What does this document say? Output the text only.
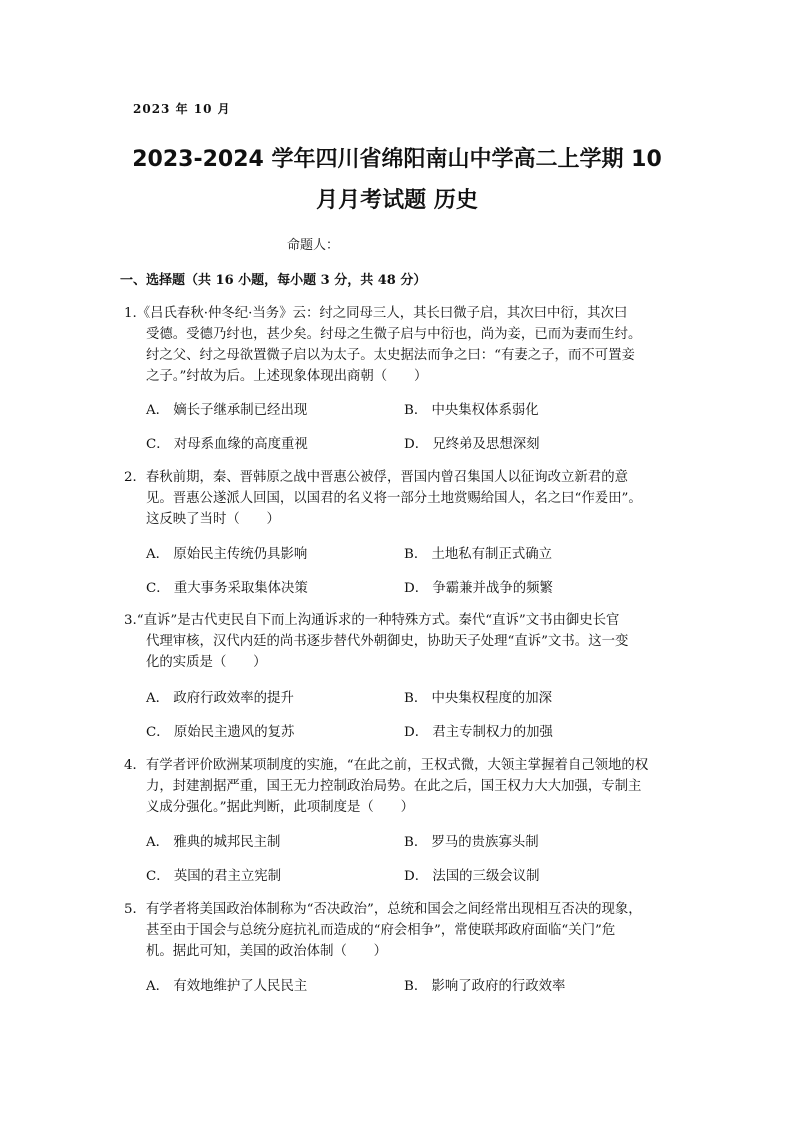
2023 年 10 月
2023-2024 学年四川省绵阳南山中学高二上学期 10
月月考试题 历史
命题人：
一、选择题（共 16 小题，每小题 3 分，共 48 分）
1.《吕氏春秋·仲冬纪·当务》云：纣之同母三人，其长曰微子启，其次曰中衍，其次曰
受德。受德乃纣也，甚少矣。纣母之生微子启与中衍也，尚为妾，已而为妻而生纣。
纣之父、纣之母欲置微子启以为太子。太史据法而争之曰：“有妻之子，而不可置妾
之子。”纣故为后。上述现象体现出商朝（　　）
A． 嫡长子继承制已经出现	B． 中央集权体系弱化
C． 对母系血缘的高度重视	D． 兄终弟及思想深刻
2．春秋前期，秦、晋韩原之战中晋惠公被俘，晋国内曾召集国人以征询改立新君的意
见。晋惠公遂派人回国，以国君的名义将一部分土地赏赐给国人，名之曰“作爰田”。
这反映了当时（　　）
A． 原始民主传统仍具影响	B． 土地私有制正式确立
C． 重大事务采取集体决策	D． 争霸兼并战争的频繁
3.“直诉”是古代吏民自下而上沟通诉求的一种特殊方式。秦代“直诉”文书由御史长官
代理审核，汉代内廷的尚书逐步替代外朝御史，协助天子处理“直诉”文书。这一变
化的实质是（　　）
A． 政府行政效率的提升	B． 中央集权程度的加深
C． 原始民主遗风的复苏	D． 君主专制权力的加强
4．有学者评价欧洲某项制度的实施，“在此之前，王权式微，大领主掌握着自己领地的权
力，封建割据严重，国王无力控制政治局势。在此之后，国王权力大大加强，专制主
义成分强化。”据此判断，此项制度是（　　）
A． 雅典的城邦民主制	B． 罗马的贵族寡头制
C． 英国的君主立宪制	D． 法国的三级会议制
5．有学者将美国政治体制称为“否决政治”，总统和国会之间经常出现相互否决的现象，
甚至由于国会与总统分庭抗礼而造成的“府会相争”，常使联邦政府面临“关门”危
机。据此可知，美国的政治体制（　　）
A． 有效地维护了人民民主	B． 影响了政府的行政效率
